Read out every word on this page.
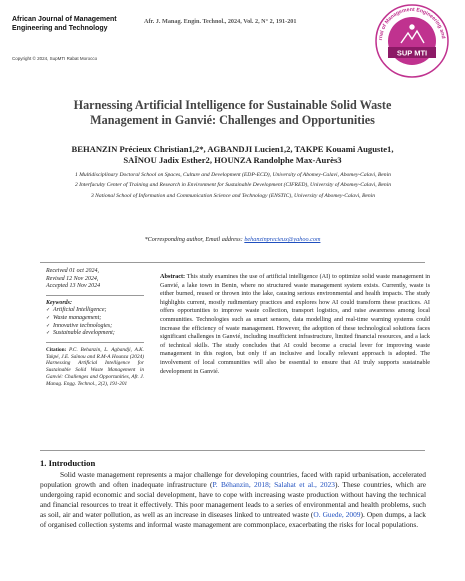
African Journal of Management Engineering and Technology
Copyright © 2024, SupMTI Rabat Morocco
Afr. J. Manag. Engin. Technol., 2024, Vol. 2, N° 2, 191-201
rnal of Management Engineering and
SUP MTI
Harnessing Artificial Intelligence for Sustainable Solid Waste Management in Ganvié: Challenges and Opportunities
BEHANZIN Précieux Christian1,2*, AGBANDJI Lucien1,2, TAKPE Kouami Auguste1,
SAÏNOU Jadix Esther2, HOUNZA Randolphe Max-Aurès3

1 Multidisciplinary Doctoral School on Spaces, Culture and Development (EDP-ECD), University of Abomey-Calavi, Abomey-Calavi, Benin

2 Interfaculty Center of Training and Research in Environment for Sustainable Development (CIFRED), University of Abomey-Calavi, Benin

3 National School of Information and Communication Science and Technology (ENSTIC), University of Abomey-Calavi, Benin

*Corresponding author, Email address: behanzinprecieux@yahoo.com
Received 01 oct 2024,
Revised 12 Nov 2024,
Accepted 13 Nov 2024
Keywords:
✓ Artificial Intelligence;
✓ Waste management;
✓ Innovative technologies;
✓ Sustainable development;
Citation: P.C. Behanzin, L. Agbandji, A.K. Takpé, J.E. Saïnou and R.M-A Hounza (2024) Harnessing Artificial Intelligence for Sustainable Solid Waste Management in Ganvié: Challenges and Opportunities, Afr. J. Manag. Engg. Technol., 2(2), 191-201
Abstract: This study examines the use of artificial intelligence (AI) to optimize solid waste management in Ganvié, a lake town in Benin, where no structured waste management system exists. Currently, waste is either burned, reused or thrown into the lake, causing serious environmental and health impacts. The study highlights current, mostly rudimentary practices and explores how AI could transform these practices. AI offers opportunities to improve waste collection, transport logistics, and raise awareness among local communities. Technologies such as smart sensors, data modelling and real-time warning systems could increase the efficiency of waste management. However, the adoption of these technological solutions faces significant challenges in Ganvié, including insufficient infrastructure, limited financial resources, and a lack of technical skills. The study concludes that AI could become a crucial lever for improving waste management in this region, but only if an inclusive and locally relevant approach is adopted. The involvement of local communities will also be essential to ensure that AI truly supports sustainable development in Ganvié.
1. Introduction
Solid waste management represents a major challenge for developing countries, faced with rapid urbanisation, accelerated population growth and often inadequate infrastructure (P. Béhanzin, 2018; Salahat et al., 2023). These countries, which are undergoing rapid economic and social development, have to cope with increasing waste production without having the technical and financial resources to treat it effectively. This poor management leads to a series of environmental and health problems, such as soil, air and water pollution, as well as an increase in diseases linked to untreated waste (O. Guede, 2009). Open dumps, a lack of organised collection systems and informal waste management are commonplace, exacerbating the risks for local populations.
